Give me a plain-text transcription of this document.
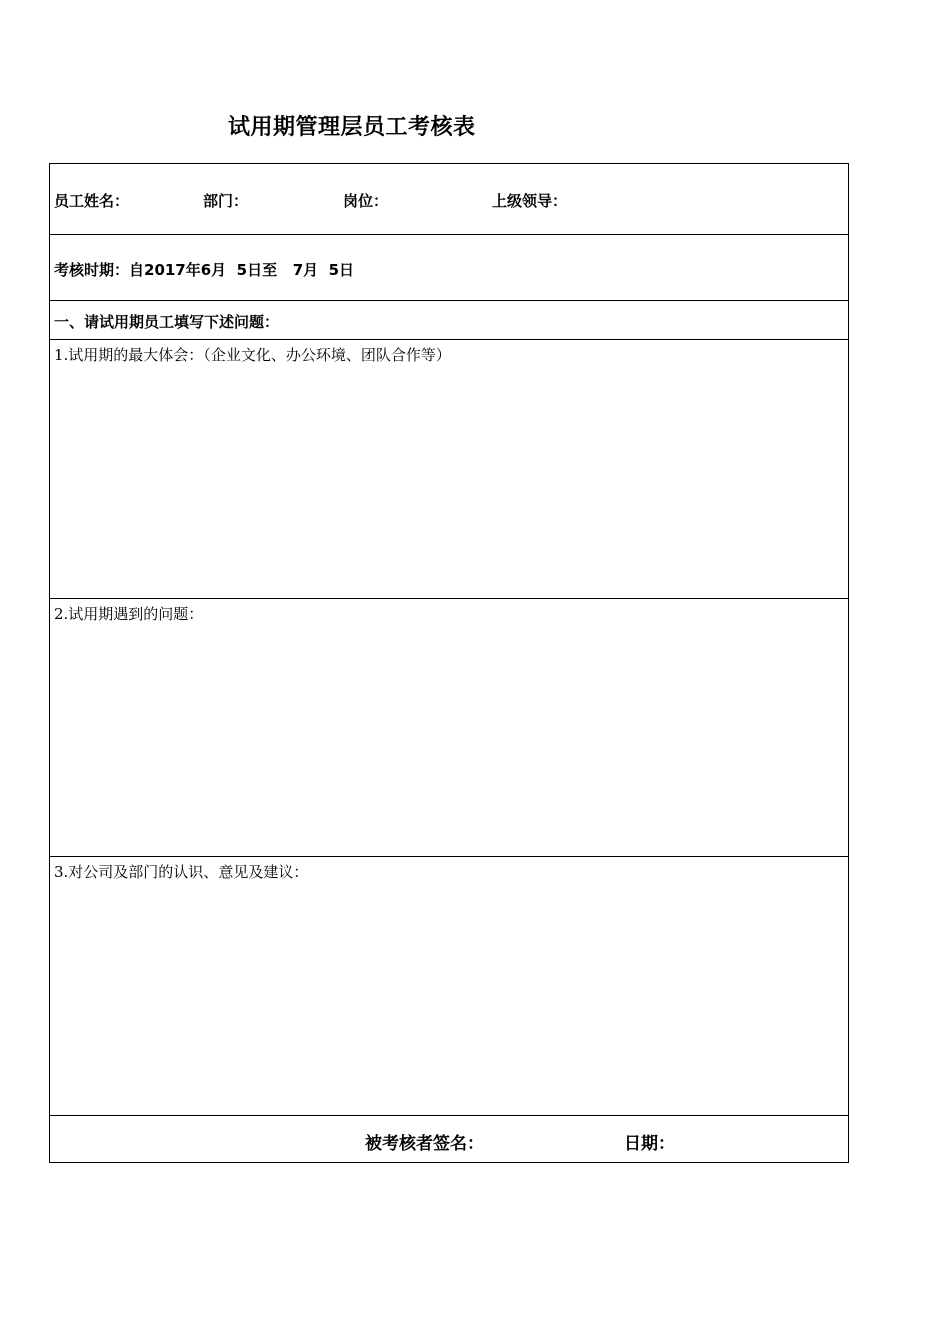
试用期管理层员工考核表
员工姓名：	部门：	岗位：	上级领导：
考核时期：自2017年6月  5日至   7月  5日
一、请试用期员工填写下述问题：
1.试用期的最大体会：（企业文化、办公环境、团队合作等）
2.试用期遇到的问题：
3.对公司及部门的认识、意见及建议：
被考核者签名：	日期：
